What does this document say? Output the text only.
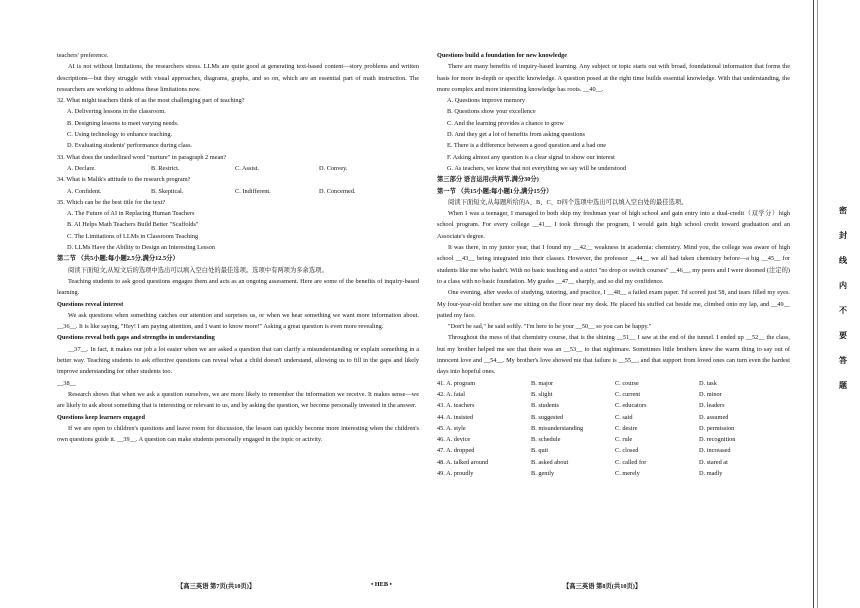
teachers' preference.

AI is not without limitations, the researchers stress. LLMs are quite good at generating text-based content—story problems and written descriptions—but they struggle with visual approaches, diagrams, graphs, and so on, which are an essential part of math instruction. The researchers are working to address these limitations now.

32. What might teachers think of as the most challenging part of teaching?

A. Delivering lessons in the classroom.

B. Designing lessons to meet varying needs.

C. Using technology to enhance teaching.

D. Evaluating students' performance during class.

33. What does the underlined word "nurture" in paragraph 2 mean?

A. Declare.	B. Restrict.	C. Assist.	D. Convey.

34. What is Malik's attitude to the research program?

A. Confident.	B. Skeptical.	C. Indifferent.	D. Concerned.

35. Which can be the best title for the text?

A. The Future of AI in Replacing Human Teachers

B. AI Helps Math Teachers Build Better "Scaffolds"

C. The Limitations of LLMs in Classroom Teaching

D. LLMs Have the Ability to Design an Interesting Lesson

第二节 （共5小题;每小题2.5分,满分12.5分）

阅读下面短文,从短文后的选项中选出可以填入空白处的最佳选项。选项中有两项为多余选项。

Teaching students to ask good questions engages them and acts as an ongoing assessment. Here are some of the benefits of inquiry-based learning.

Questions reveal interest

We ask questions when something catches our attention and surprises us, or when we hear something we want more information about. __36__. It is like saying, "Hey! I am paying attention, and I want to know more!" Asking a great question is even more revealing.

Questions reveal both gaps and strengths in understanding

__37__. In fact, it makes our job a lot easier when we are asked a question that can clarify a misunderstanding or explain something in a better way. Teaching students to ask effective questions can reveal what a child doesn't understand, allowing us to fill in the gaps and likely improve understanding for other students too.

__38__

Research shows that when we ask a question ourselves, we are more likely to remember the information we receive. It makes sense—we are likely to ask about something that is interesting or relevant to us, and by asking the question, we become personally invested in the answer.

Questions keep learners engaged

If we are open to children's questions and leave room for discussion, the lesson can quickly become more interesting when the children's own questions guide it. __39__. A question can make students personally engaged in the topic or activity.

【高三英语 第7页(共10页)】	• HEB •

Questions build a foundation for new knowledge

There are many benefits of inquiry-based learning. Any subject or topic starts out with broad, foundational information that forms the basis for more in-depth or specific knowledge. A question posed at the right time builds essential knowledge. With that understanding, the more complex and more interesting knowledge has roots. __40__.

A. Questions improve memory

B. Questions show your excellence

C. And the learning provides a chance to grow

D. And they get a lot of benefits from asking questions

E. There is a difference between a good question and a bad one

F. Asking almost any question is a clear signal to show our interest

G. As teachers, we know that not everything we say will be understood

第三部分 语言运用(共两节,满分30分)

第一节 （共15小题;每小题1分,满分15分）

阅读下面短文,从每题所给的A、B、C、D四个选项中选出可以填入空白处的最佳选项。

When I was a teenager, I managed to both skip my freshman year of high school and gain entry into a dual-credit（双学分）high school program. For every college __41__ I took through the program, I would gain high school credit toward graduation and an Associate's degree.

It was there, in my junior year, that I found my __42__ weakness in academia: chemistry. Mind you, the college was aware of high school __43__ being integrated into their classes. However, the professor __44__ we all had taken chemistry before—a big __45__ for students like me who hadn't. With no basic teaching and a strict "no drop or switch courses" __46__, my peers and I were doomed (注定的) to a class with no basic foundation. My grades __47__ sharply, and so did my confidence.

One evening, after weeks of studying, tutoring, and practice, I __48__ a failed exam paper. I'd scored just 58, and tears filled my eyes. My four-year-old brother saw me sitting on the floor near my desk. He placed his stuffed cat beside me, climbed onto my lap, and __49__ patted my face.

"Don't be sad," he said softly. "I'm here to be your __50__ so you can be happy."

Throughout the mess of that chemistry course, that is the shining __51__ I saw at the end of the tunnel. I ended up __52__ the class, but my brother helped me see that there was an __53__ to that nightmare. Sometimes little brothers knew the warm thing to say out of innocent love and __54__. My brother's love showed me that failure is __55__, and that support from loved ones can turn even the hardest days into hopeful ones.

41. A. program	B. major	C. course	D. task
42. A. fatal	B. slight	C. current	D. minor
43. A. teachers	B. students	C. educators	D. leaders
44. A. insisted	B. suggested	C. said	D. assumed
45. A. style	B. misunderstanding	C. desire	D. permission
46. A. device	B. schedule	C. rule	D. recognition
47. A. dropped	B. quit	C. closed	D. increased
48. A. talked around	B. asked about	C. called for	D. stared at
49. A. proudly	B. gently	C. merely	D. madly
【高三英语 第8页(共10页)】
密
封
线
内
不
要
答
题
